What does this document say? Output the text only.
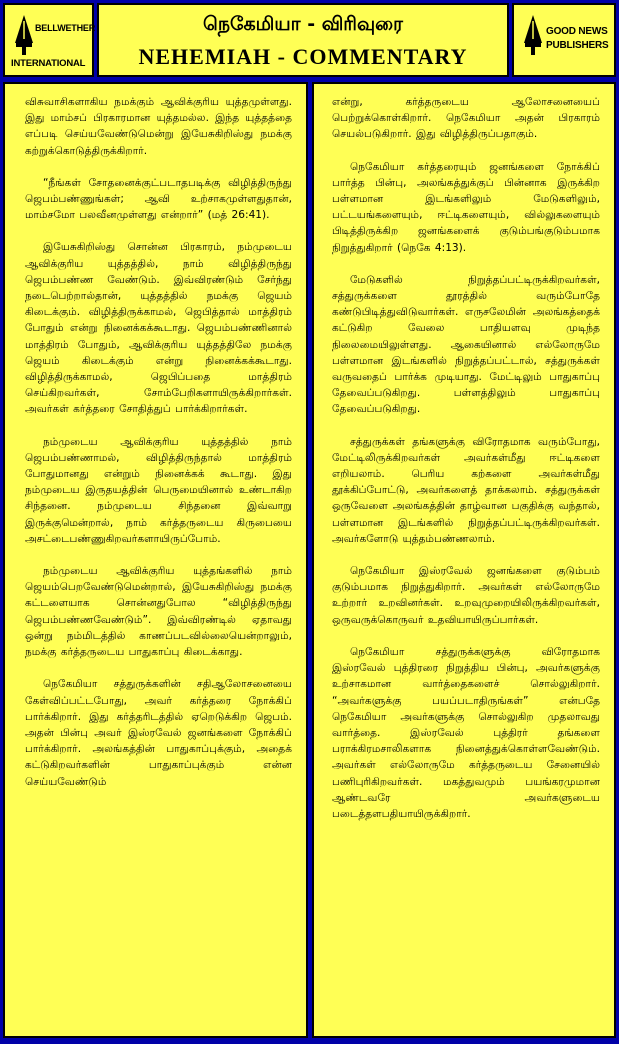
BELLWETHER
INTERNATIONAL
நெகேமியா - விரிவுரை
NEHEMIAH - COMMENTARY
GOOD NEWS
PUBLISHERS

விசுவாசிகளாகிய நமக்கும் ஆவிக்குரிய யுத்தமுள்ளது. இது மாம்சப் பிரகாரமான யுத்தமல்ல. இந்த யுத்தத்தை எப்படி செய்யவேண்டுமென்று இயேசுகிறிஸ்து நமக்கு கற்றுக்கொடுத்திருக்கிறார்.

“நீங்கள் சோதனைக்குட்படாதபடிக்கு விழித்திருந்து ஜெபம்பண்ணுங்கள்; ஆவி உற்சாகமுள்ளதுதான், மாம்சமோ பலவீனமுள்ளது என்றார்” (மத் 26:41).

இயேசுகிறிஸ்து சொன்ன பிரகாரம், நம்முடைய ஆவிக்குரிய யுத்தத்தில், நாம் விழித்திருந்து ஜெபம்பண்ண வேண்டும். இவ்விரண்டும் சேர்ந்து நடைபெற்றால்தான், யுத்தத்தில் நமக்கு ஜெயம் கிடைக்கும். விழித்திருக்காமல், ஜெபித்தால் மாத்திரம் போதும் என்று நினைக்கக்கூடாது. ஜெபம்பண்ணினால் மாத்திரம் போதும், ஆவிக்குரிய யுத்தத்திலே நமக்கு ஜெயம் கிடைக்கும் என்று நினைக்கக்கூடாது. விழித்திருக்காமல், ஜெபிப்பதை மாத்திரம் செய்கிறவர்கள், சோம்பேறிகளாயிருக்கிறார்கள். அவர்கள் கர்த்தரை சோதித்துப் பார்க்கிறார்கள்.

நம்முடைய ஆவிக்குரிய யுத்தத்தில் நாம் ஜெபம்பண்ணாமல், விழித்திருந்தால் மாத்திரம் போதுமானது என்றும் நினைக்கக் கூடாது. இது நம்முடைய இருதயத்தின் பெருமையினால் உண்டாகிற சிந்தனை. நம்முடைய சிந்தனை இவ்வாறு இருக்குமென்றால், நாம் கர்த்தருடைய கிருபையை அசட்டைபண்ணுகிறவர்களாயிருப்போம்.

நம்முடைய ஆவிக்குரிய யுத்தங்களில் நாம் ஜெயம்பெறவேண்டுமென்றால், இயேசுகிறிஸ்து நமக்கு கட்டளையாக சொன்னதுபோல “விழித்திருந்து ஜெபம்பண்ணவேண்டும்”. இவ்விரண்டில் ஏதாவது ஒன்று நம்மிடத்தில் காணப்படவில்லையென்றாலும், நமக்கு கர்த்தருடைய பாதுகாப்பு கிடைக்காது.

நெகேமியா சத்துருக்களின் சதிஆலோசனையை கேள்விப்பட்டபோது, அவர் கர்த்தரை நோக்கிப் பார்க்கிறார். இது கர்த்தரிடத்தில் ஏறெடுக்கிற ஜெபம். அதன் பின்பு அவர் இஸ்ரவேல் ஜனங்களை நோக்கிப் பார்க்கிறார். அலங்கத்தின் பாதுகாப்புக்கும், அதைக் கட்டுகிறவர்களின் பாதுகாப்புக்கும் என்ன செய்யவேண்டும்

என்று, கர்த்தருடைய ஆலோசனையைப் பெற்றுக்கொள்கிறார். நெகேமியா அதன் பிரகாரம் செயல்படுகிறார். இது விழித்திருப்பதாகும்.

நெகேமியா கர்த்தரையும் ஜனங்களை நோக்கிப் பார்த்த பின்பு, அலங்கத்துக்குப் பின்னாக இருக்கிற பள்ளமான இடங்களிலும் மேடுகளிலும், பட்டயங்களையும், ஈட்டிகளையும், வில்லுகளையும் பிடித்திருக்கிற ஜனங்களைக் குடும்பங்குடும்பமாக நிறுத்துகிறார் (நெகே 4:13).

மேடுகளில் நிறுத்தப்பட்டிருக்கிறவர்கள், சத்துருக்களை தூரத்தில் வரும்போதே கண்டுபிடித்துவிடுவார்கள். எருசலேமின் அலங்கத்தைக் கட்டுகிற வேலை பாதியளவு முடிந்த நிலைமையிலுள்ளது. ஆகையினால் எல்லோருமே பள்ளமான இடங்களில் நிறுத்தப்பட்டால், சத்துருக்கள் வருவதைப் பார்க்க முடியாது. மேட்டிலும் பாதுகாப்பு தேவைப்படுகிறது. பள்ளத்திலும் பாதுகாப்பு தேவைப்படுகிறது.

சத்துருக்கள் தங்களுக்கு விரோதமாக வரும்போது, மேட்டிலிருக்கிறவர்கள் அவர்கள்மீது ஈட்டிகளை எறியலாம். பெரிய கற்களை அவர்கள்மீது தூக்கிப்போட்டு, அவர்களைத் தாக்கலாம். சத்துருக்கள் ஒருவேளை அலங்கத்தின் தாழ்வான பகுதிக்கு வந்தால், பள்ளமான இடங்களில் நிறுத்தப்பட்டிருக்கிறவர்கள். அவர்களோடு யுத்தம்பண்ணலாம்.

நெகேமியா இஸ்ரவேல் ஜனங்களை குடும்பம் குடும்பமாக நிறுத்துகிறார். அவர்கள் எல்லோருமே உற்றார் உறவினர்கள். உறவுமுறையிலிருக்கிறவர்கள், ஒருவருக்கொருவர் உதவியாயிருப்பார்கள்.

நெகேமியா சத்துருக்களுக்கு விரோதமாக இஸ்ரவேல் புத்திரரை நிறுத்திய பின்பு, அவர்களுக்கு உற்சாகமான வார்த்தைகளைச் சொல்லுகிறார். “அவர்களுக்கு பயப்படாதிருங்கள்” என்பதே நெகேமியா அவர்களுக்கு சொல்லுகிற முதலாவது வார்த்தை. இஸ்ரவேல் புத்திரர் தங்களை பராக்கிரமசாலிகளாக நினைத்துக்கொள்ளவேண்டும். அவர்கள் எல்லோருமே கர்த்தருடைய சேனையில் பணிபுரிகிறவர்கள். மகத்துவமும் பயங்கரமுமான ஆண்டவரே அவர்களுடைய படைத்தளபதியாயிருக்கிறார்.
